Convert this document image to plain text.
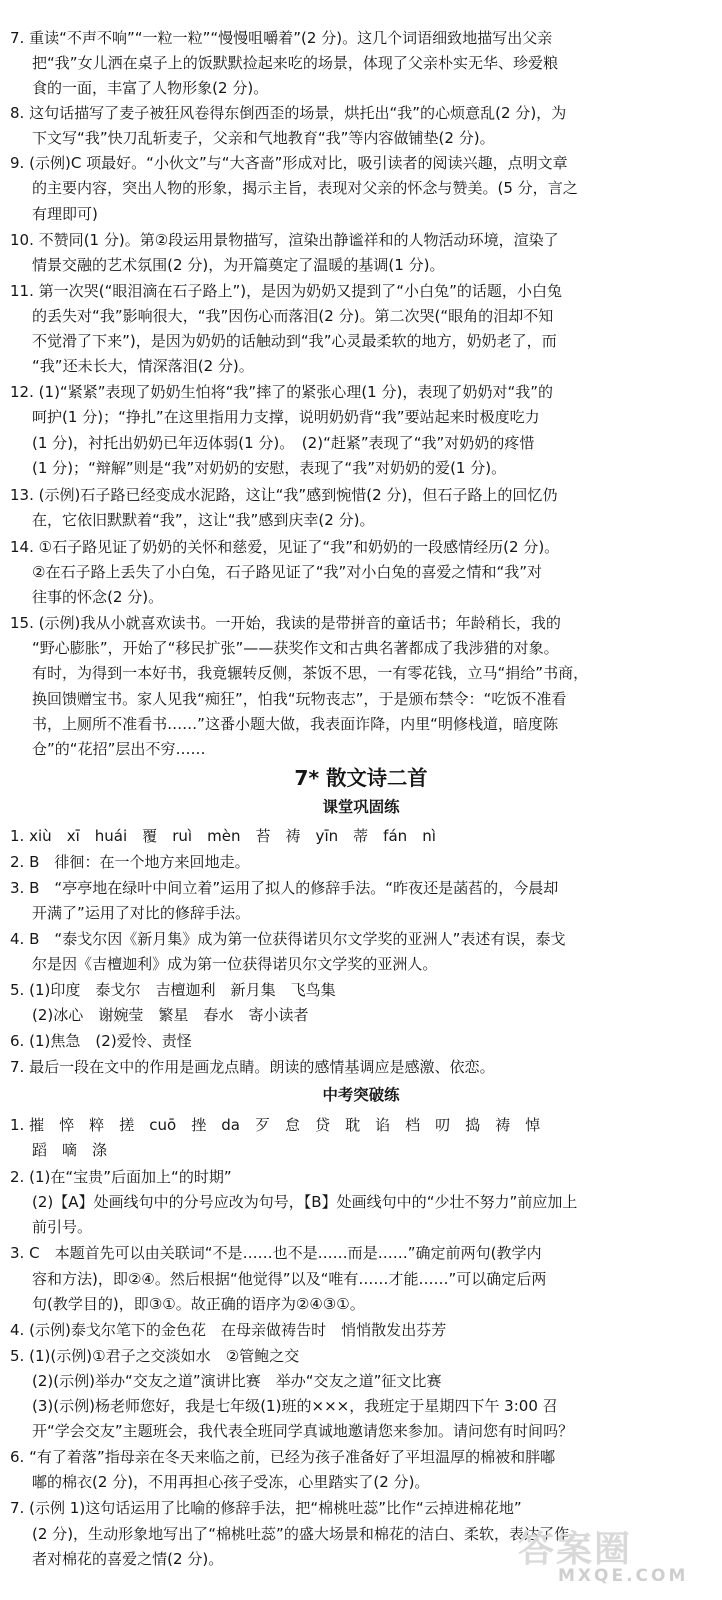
7. 重读“不声不响”“一粒一粒”“慢慢咀嚼着”(2 分)。这几个词语细致地描写出父亲
把“我”女儿洒在桌子上的饭默默捡起来吃的场景，体现了父亲朴实无华、珍爱粮
食的一面，丰富了人物形象(2 分)。
8. 这句话描写了麦子被狂风卷得东倒西歪的场景，烘托出“我”的心烦意乱(2 分)，为
下文写“我”快刀乱斩麦子，父亲和气地教育“我”等内容做铺垫(2 分)。
9. (示例)C 项最好。“小伙文”与“大吝啬”形成对比，吸引读者的阅读兴趣，点明文章
的主要内容，突出人物的形象，揭示主旨，表现对父亲的怀念与赞美。(5 分，言之
有理即可)
10. 不赞同(1 分)。第②段运用景物描写，渲染出静谧祥和的人物活动环境，渲染了
情景交融的艺术氛围(2 分)，为开篇奠定了温暖的基调(1 分)。
11. 第一次哭(“眼泪滴在石子路上”)，是因为奶奶又提到了“小白兔”的话题，小白兔
的丢失对“我”影响很大，“我”因伤心而落泪(2 分)。第二次哭(“眼角的泪却不知
不觉滑了下来”)，是因为奶奶的话触动到“我”心灵最柔软的地方，奶奶老了，而
“我”还未长大，情深落泪(2 分)。
12. (1)“紧紧”表现了奶奶生怕将“我”摔了的紧张心理(1 分)，表现了奶奶对“我”的
呵护(1 分)；“挣扎”在这里指用力支撑，说明奶奶背“我”要站起来时极度吃力
(1 分)，衬托出奶奶已年迈体弱(1 分)。　(2)“赶紧”表现了“我”对奶奶的疼惜
(1 分)；“辩解”则是“我”对奶奶的安慰，表现了“我”对奶奶的爱(1 分)。
13. (示例)石子路已经变成水泥路，这让“我”感到惋惜(2 分)，但石子路上的回忆仍
在，它依旧默默着“我”，这让“我”感到庆幸(2 分)。
14. ①石子路见证了奶奶的关怀和慈爱，见证了“我”和奶奶的一段感情经历(2 分)。
②在石子路上丢失了小白兔，石子路见证了“我”对小白兔的喜爱之情和“我”对
往事的怀念(2 分)。
15. (示例)我从小就喜欢读书。一开始，我读的是带拼音的童话书；年龄稍长，我的
“野心膨胀”，开始了“移民扩张”——获奖作文和古典名著都成了我涉猎的对象。
有时，为得到一本好书，我竟辗转反侧，茶饭不思，一有零花钱，立马“捐给”书商，
换回馈赠宝书。家人见我“痴狂”，怕我“玩物丧志”，于是颁布禁令：“吃饭不准看
书，上厕所不准看书……”这番小题大做，我表面诈降，内里“明修栈道，暗度陈
仓”的“花招”层出不穷……
7* 散文诗二首
课堂巩固练
1. xiù　xī　huái　覆　ruì　mèn　苔　祷　yīn　蒂　fán　nì
2. B　徘徊：在一个地方来回地走。
3. B　“亭亭地在绿叶中间立着”运用了拟人的修辞手法。“昨夜还是菡萏的，今晨却
开满了”运用了对比的修辞手法。
4. B　“泰戈尔因《新月集》成为第一位获得诺贝尔文学奖的亚洲人”表述有误，泰戈
尔是因《吉檀迦利》成为第一位获得诺贝尔文学奖的亚洲人。
5. (1)印度　泰戈尔　吉檀迦利　新月集　飞鸟集
(2)冰心　谢婉莹　繁星　春水　寄小读者
6. (1)焦急　(2)爱怜、责怪
7. 最后一段在文中的作用是画龙点睛。朗读的感情基调应是感激、依恋。
中考突破练
1. 摧　悴　粹　搓　cuō　挫　da　歹　怠　贷　耽　谄　档　叨　捣　祷　悼
蹈　嘀　涤
2. (1)在“宝贵”后面加上“的时期”
(2)【A】处画线句中的分号应改为句号，【B】处画线句中的“少壮不努力”前应加上
前引号。
3. C　本题首先可以由关联词“不是……也不是……而是……”确定前两句(教学内
容和方法)，即②④。然后根据“他觉得”以及“唯有……才能……”可以确定后两
句(教学目的)，即③①。故正确的语序为②④③①。
4. (示例)泰戈尔笔下的金色花　在母亲做祷告时　悄悄散发出芬芳
5. (1)(示例)①君子之交淡如水　②管鲍之交
(2)(示例)举办“交友之道”演讲比赛　举办“交友之道”征文比赛
(3)(示例)杨老师您好，我是七年级(1)班的×××，我班定于星期四下午 3:00 召
开“学会交友”主题班会，我代表全班同学真诚地邀请您来参加。请问您有时间吗？
6. “有了着落”指母亲在冬天来临之前，已经为孩子准备好了平坦温厚的棉被和胖嘟
嘟的棉衣(2 分)，不用再担心孩子受冻，心里踏实了(2 分)。
7. (示例 1)这句话运用了比喻的修辞手法，把“棉桃吐蕊”比作“云掉进棉花地”
(2 分)，生动形象地写出了“棉桃吐蕊”的盛大场景和棉花的洁白、柔软，表达了作
者对棉花的喜爱之情(2 分)。	答案圈
MXQE.COM
